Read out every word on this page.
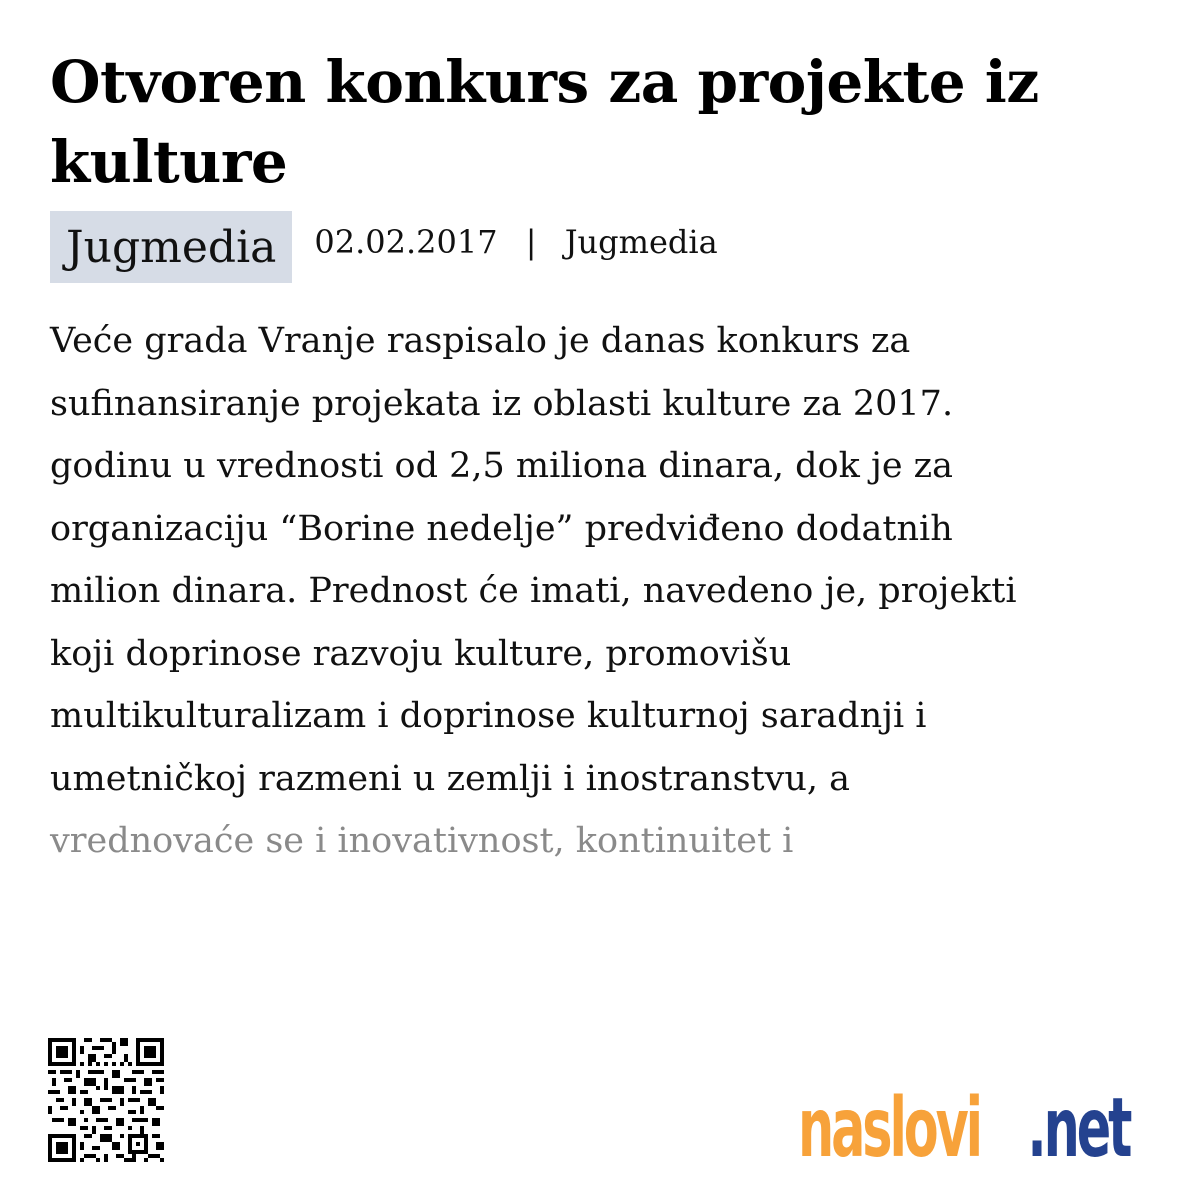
Otvoren konkurs za projekte iz kulture
Jugmedia	02.02.2017 | Jugmedia

Veće grada Vranje raspisalo je danas konkurs za
sufinansiranje projekata iz oblasti kulture za 2017.
godinu u vrednosti od 2,5 miliona dinara, dok je za
organizaciju “Borine nedelje” predviđeno dodatnih
milion dinara. Prednost će imati, navedeno je, projekti
koji doprinose razvoju kulture, promovišu
multikulturalizam i doprinose kulturnoj saradnji i
umetničkoj razmeni u zemlji i inostranstvu, a
vrednovaće se i inovativnost, kontinuitet i

naslovi .net
